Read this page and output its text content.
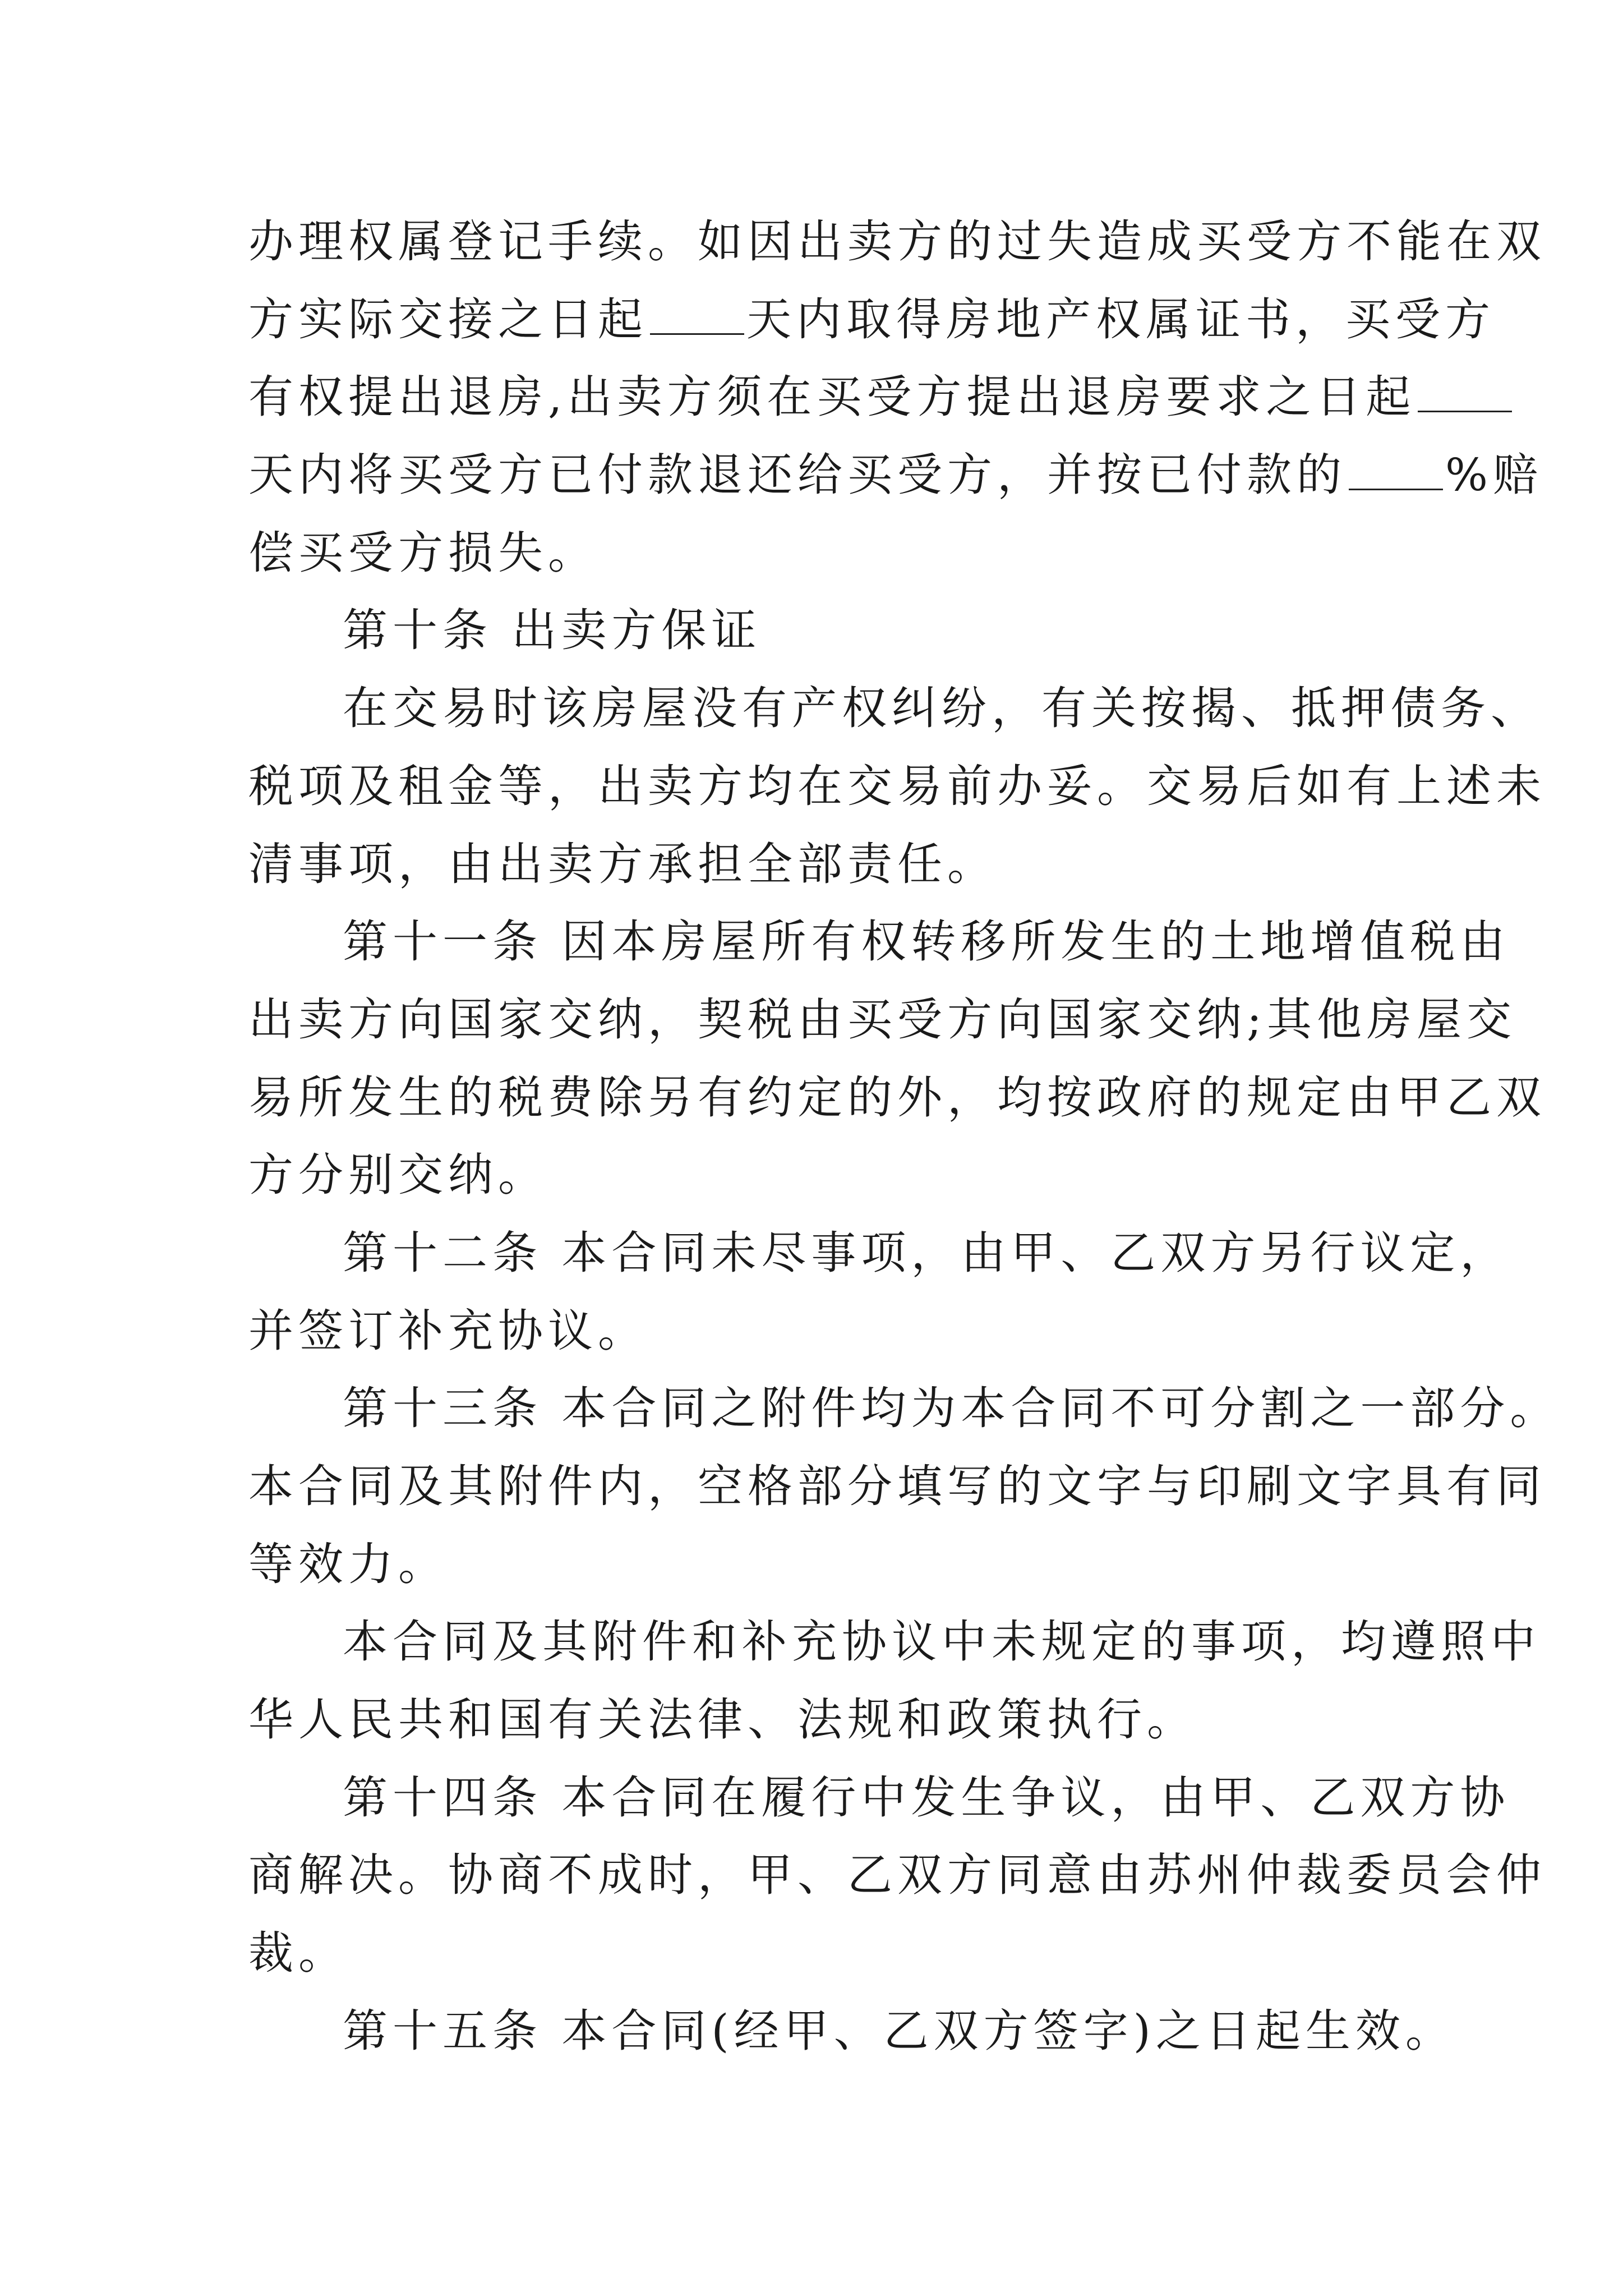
办理权属登记手续。如因出卖方的过失造成买受方不能在双
方实际交接之日起 天内取得房地产权属证书，买受方
有权提出退房,出卖方须在买受方提出退房要求之日起
天内将买受方已付款退还给买受方，并按已付款的 %赔
偿买受方损失。
第十条 出卖方保证
在交易时该房屋没有产权纠纷，有关按揭、抵押债务、
税项及租金等，出卖方均在交易前办妥。交易后如有上述未
清事项，由出卖方承担全部责任。
第十一条 因本房屋所有权转移所发生的土地增值税由
出卖方向国家交纳，契税由买受方向国家交纳;其他房屋交
易所发生的税费除另有约定的外，均按政府的规定由甲乙双
方分别交纳。
第十二条 本合同未尽事项，由甲、乙双方另行议定，
并签订补充协议。
第十三条 本合同之附件均为本合同不可分割之一部分。
本合同及其附件内，空格部分填写的文字与印刷文字具有同
等效力。
本合同及其附件和补充协议中未规定的事项，均遵照中
华人民共和国有关法律、法规和政策执行。
第十四条 本合同在履行中发生争议，由甲、乙双方协
商解决。协商不成时，甲、乙双方同意由苏州仲裁委员会仲
裁。
第十五条 本合同(经甲、乙双方签字)之日起生效。
